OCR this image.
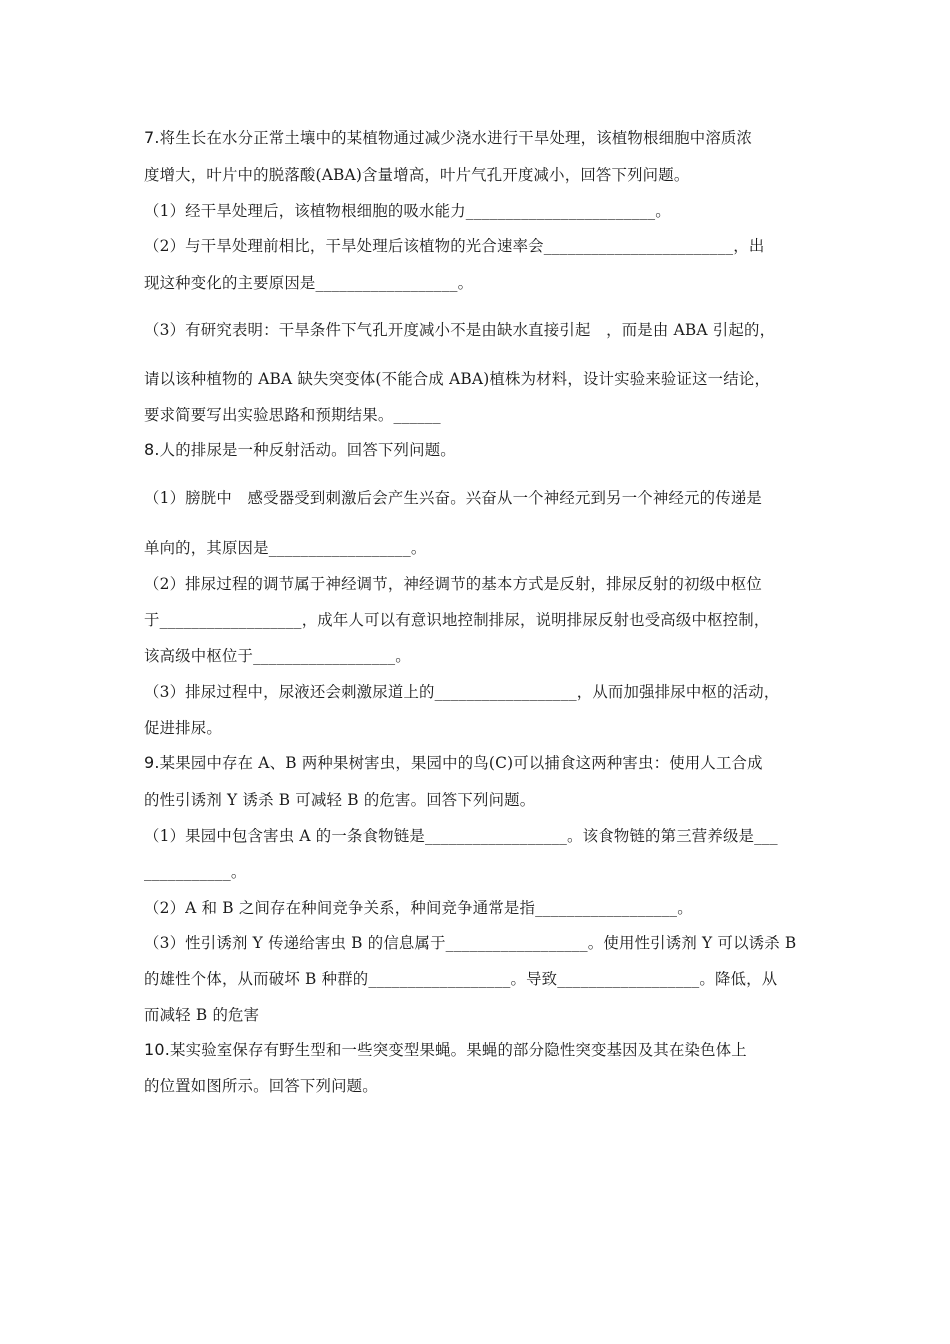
7.将生长在水分正常土壤中的某植物通过减少浇水进行干旱处理，该植物根细胞中溶质浓
度增大，叶片中的脱落酸(ABA)含量增高，叶片气孔开度减小，回答下列问题。
（1）经干旱处理后，该植物根细胞的吸水能力________________________。
（2）与干旱处理前相比，干旱处理后该植物的光合速率会________________________，出
现这种变化的主要原因是__________________。
（3）有研究表明：干旱条件下气孔开度减小不是由缺水直接引起　，而是由 ABA 引起的，
请以该种植物的 ABA 缺失突变体(不能合成 ABA)植株为材料，设计实验来验证这一结论，
要求简要写出实验思路和预期结果。______
8.人的排尿是一种反射活动。回答下列问题。
（1）膀胱中　感受器受到刺激后会产生兴奋。兴奋从一个神经元到另一个神经元的传递是
单向的，其原因是__________________。
（2）排尿过程的调节属于神经调节，神经调节的基本方式是反射，排尿反射的初级中枢位
于__________________，成年人可以有意识地控制排尿，说明排尿反射也受高级中枢控制，
该高级中枢位于__________________。
（3）排尿过程中，尿液还会刺激尿道上的__________________，从而加强排尿中枢的活动，
促进排尿。
9.某果园中存在 A、B 两种果树害虫，果园中的鸟(C)可以捕食这两种害虫：使用人工合成
的性引诱剂 Y 诱杀 B 可减轻 B 的危害。回答下列问题。
（1）果园中包含害虫 A 的一条食物链是__________________。该食物链的第三营养级是___
___________。
（2）A 和 B 之间存在种间竞争关系，种间竞争通常是指__________________。
（3）性引诱剂 Y 传递给害虫 B 的信息属于__________________。使用性引诱剂 Y 可以诱杀 B
的雄性个体，从而破坏 B 种群的__________________。导致__________________。降低，从
而减轻 B 的危害
10.某实验室保存有野生型和一些突变型果蝇。果蝇的部分隐性突变基因及其在染色体上
的位置如图所示。回答下列问题。
